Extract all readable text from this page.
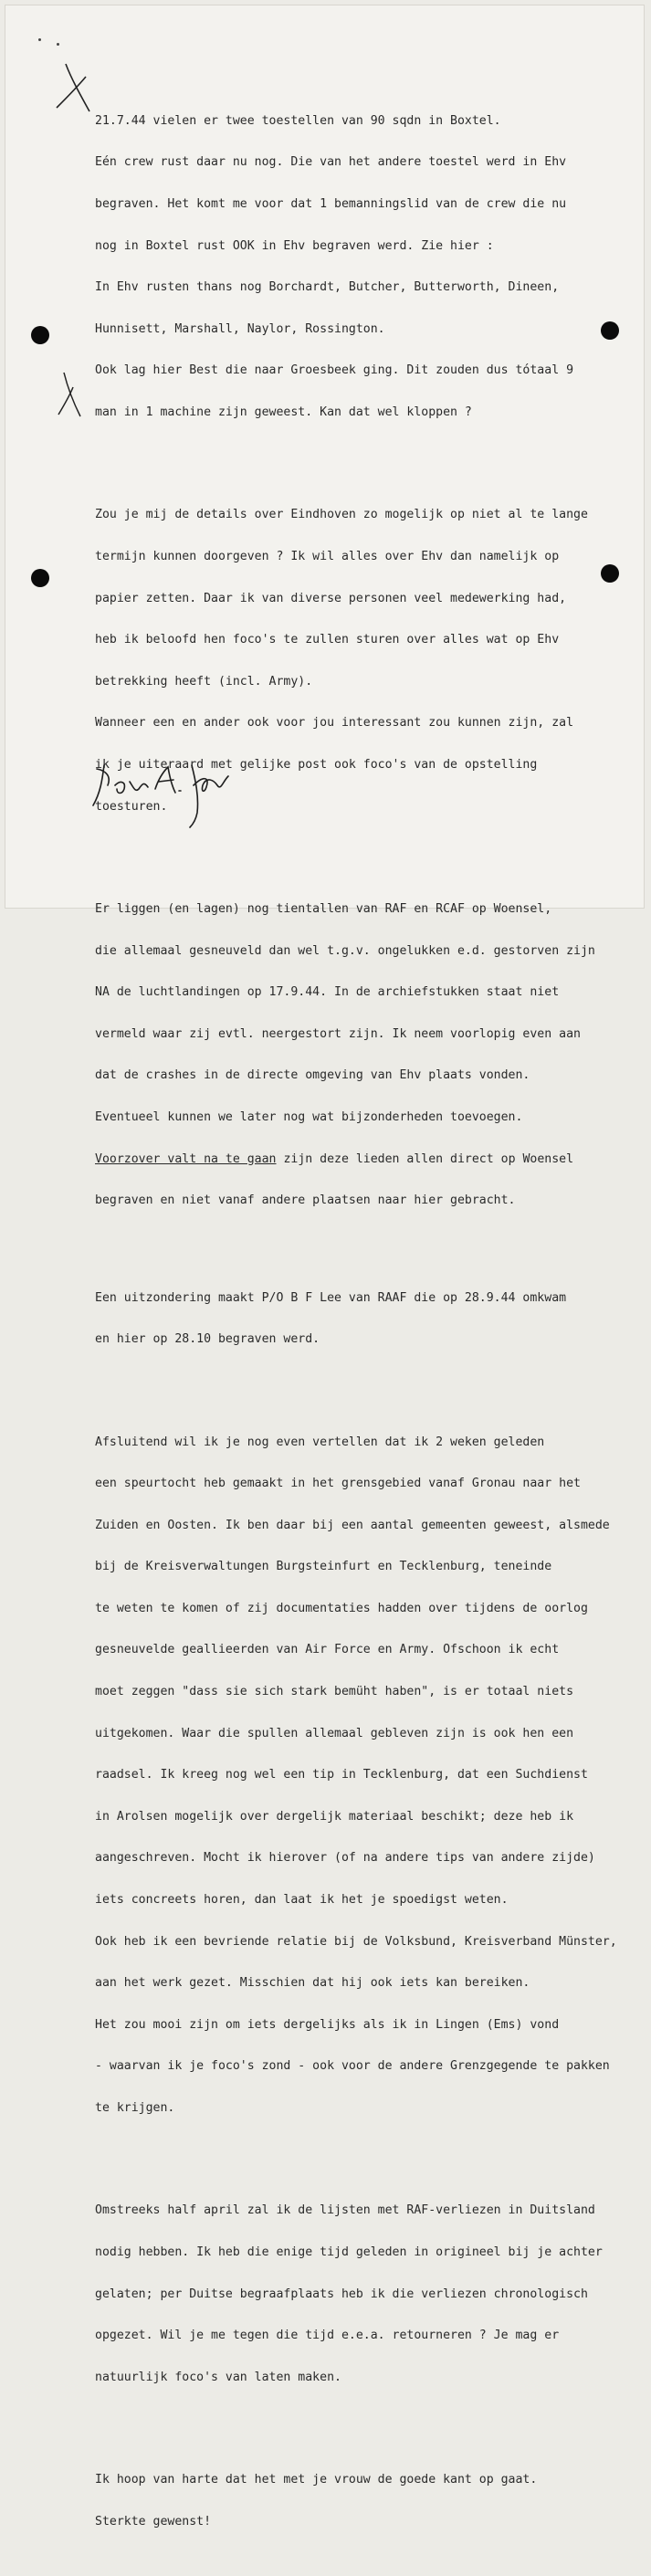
21.7.44 vielen er twee toestellen van 90 sqdn in Boxtel.

Eén crew rust daar nu nog. Die van het andere toestel werd in Ehv

begraven. Het komt me voor dat 1 bemanningslid van de crew die nu

nog in Boxtel rust OOK in Ehv begraven werd. Zie hier :

In Ehv rusten thans nog Borchardt, Butcher, Butterworth, Dineen,

Hunnisett, Marshall, Naylor, Rossington.

Ook lag hier Best die naar Groesbeek ging. Dit zouden dus tótaal 9

man in 1 machine zijn geweest. Kan dat wel kloppen ?

Zou je mij de details over Eindhoven zo mogelijk op niet al te lange

termijn kunnen doorgeven ? Ik wil alles over Ehv dan namelijk op

papier zetten. Daar ik van diverse personen veel medewerking had,

heb ik beloofd hen foco's te zullen sturen over alles wat op Ehv

betrekking heeft (incl. Army).

Wanneer een en ander ook voor jou interessant zou kunnen zijn, zal

ik je uiteraard met gelijke post ook foco's van de opstelling

toesturen.

Er liggen (en lagen) nog tientallen van RAF en RCAF op Woensel,

die allemaal gesneuveld dan wel t.g.v. ongelukken e.d. gestorven zijn

NA de luchtlandingen op 17.9.44. In de archiefstukken staat niet

vermeld waar zij evtl. neergestort zijn. Ik neem voorlopig even aan

dat de crashes in de directe omgeving van Ehv plaats vonden.

Eventueel kunnen we later nog wat bijzonderheden toevoegen.

Voorzover valt na te gaan zijn deze lieden allen direct op Woensel

begraven en niet vanaf andere plaatsen naar hier gebracht.

Een uitzondering maakt P/O B F Lee van RAAF die op 28.9.44 omkwam

en hier op 28.10 begraven werd.

Afsluitend wil ik je nog even vertellen dat ik 2 weken geleden

een speurtocht heb gemaakt in het grensgebied vanaf Gronau naar het

Zuiden en Oosten. Ik ben daar bij een aantal gemeenten geweest, alsmede

bij de Kreisverwaltungen Burgsteinfurt en Tecklenburg, teneinde

te weten te komen of zij documentaties hadden over tijdens de oorlog

gesneuvelde geallieerden van Air Force en Army. Ofschoon ik echt

moet zeggen "dass sie sich stark bemüht haben", is er totaal niets

uitgekomen. Waar die spullen allemaal gebleven zijn is ook hen een

raadsel. Ik kreeg nog wel een tip in Tecklenburg, dat een Suchdienst

in Arolsen mogelijk over dergelijk materiaal beschikt; deze heb ik

aangeschreven. Mocht ik hierover (of na andere tips van andere zijde)

iets concreets horen, dan laat ik het je spoedigst weten.

Ook heb ik een bevriende relatie bij de Volksbund, Kreisverband Münster,

aan het werk gezet. Misschien dat hij ook iets kan bereiken.

Het zou mooi zijn om iets dergelijks als ik in Lingen (Ems) vond

- waarvan ik je foco's zond - ook voor de andere Grenzgegende te pakken

te krijgen.

Omstreeks half april zal ik de lijsten met RAF-verliezen in Duitsland

nodig hebben. Ik heb die enige tijd geleden in origineel bij je achter

gelaten; per Duitse begraafplaats heb ik die verliezen chronologisch

opgezet. Wil je me tegen die tijd e.e.a. retourneren ? Je mag er

natuurlijk foco's van laten maken.

Ik hoop van harte dat het met je vrouw de goede kant op gaat.

Sterkte gewenst!
